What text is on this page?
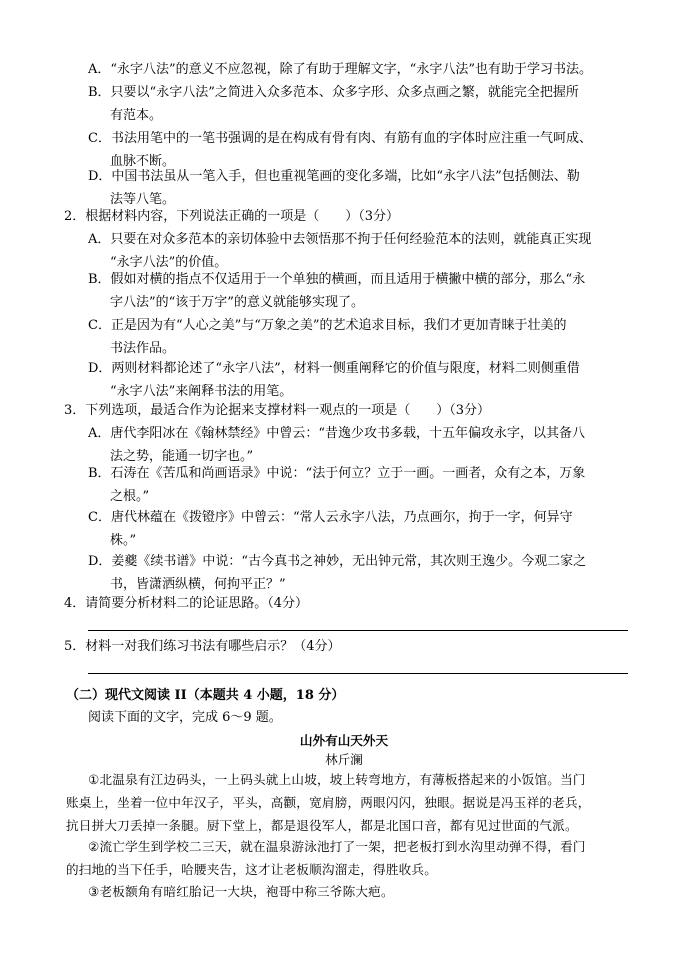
A．“永字八法”的意义不应忽视，除了有助于理解文字，“永字八法”也有助于学习书法。
B．只要以“永字八法”之简进入众多范本、众多字形、众多点画之繁，就能完全把握所
有范本。
C．书法用笔中的一笔书强调的是在构成有骨有肉、有筋有血的字体时应注重一气呵成、
血脉不断。
D．中国书法虽从一笔入手，但也重视笔画的变化多端，比如“永字八法”包括侧法、勒
法等八笔。
2．根据材料内容，下列说法正确的一项是（　　）（3分）
A．只要在对众多范本的亲切体验中去领悟那不拘于任何经验范本的法则，就能真正实现
“永字八法”的价值。
B．假如对横的指点不仅适用于一个单独的横画，而且适用于横撇中横的部分，那么“永
字八法”的“该于万字”的意义就能够实现了。
C．正是因为有“人心之美”与“万象之美”的艺术追求目标，我们才更加青睐于壮美的
书法作品。
D．两则材料都论述了“永字八法”，材料一侧重阐释它的价值与限度，材料二则侧重借
“永字八法”来阐释书法的用笔。
3．下列选项，最适合作为论据来支撑材料一观点的一项是（　　）（3分）
A．唐代李阳冰在《翰林禁经》中曾云：“昔逸少攻书多载，十五年偏攻永字，以其备八
法之势，能通一切字也。”
B．石涛在《苦瓜和尚画语录》中说：“法于何立？立于一画。一画者，众有之本，万象
之根。”
C．唐代林蕴在《拨镫序》中曾云：“常人云永字八法，乃点画尔，拘于一字，何异守
株。”
D．姜夔《续书谱》中说：“古今真书之神妙，无出钟元常，其次则王逸少。今观二家之
书，皆潇洒纵横，何拘平正？”
4．请简要分析材料二的论证思路。（4分）
5．材料一对我们练习书法有哪些启示？（4分）
（二）现代文阅读 II（本题共 4 小题，18 分）
阅读下面的文字，完成 6～9 题。
山外有山天外天
林斤澜
①北温泉有江边码头，一上码头就上山坡，坡上转弯地方，有薄板搭起来的小饭馆。当门
账桌上，坐着一位中年汉子，平头，高颧，宽肩膀，两眼闪闪，独眼。据说是冯玉祥的老兵，
抗日拼大刀丢掉一条腿。厨下堂上，都是退役军人，都是北国口音，都有见过世面的气派。
②流亡学生到学校二三天，就在温泉游泳池打了一架，把老板打到水沟里动弹不得，看门
的扫地的当下任手，哈腰夹告，这才让老板顺沟溜走，得胜收兵。
③老板额角有暗红胎记一大块，袍哥中称三爷陈大疤。
